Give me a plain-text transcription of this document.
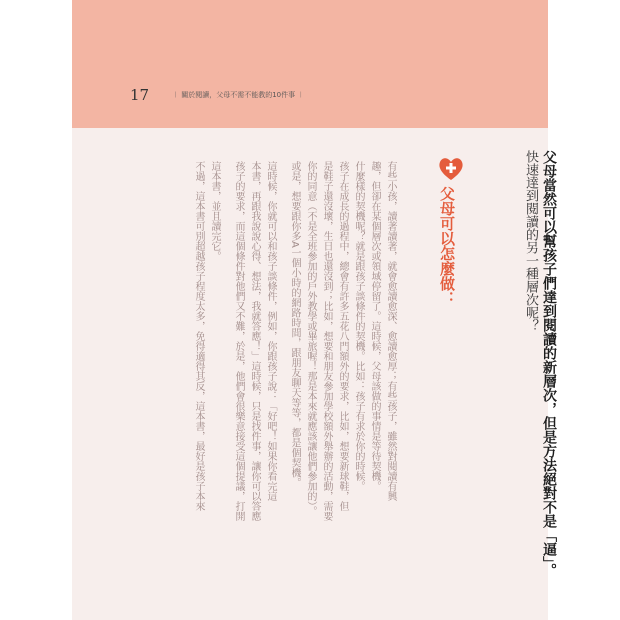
17	︱ 關於閱讀，父母不需不能教的10件事 ︱
快速達到閱讀的另一種層次呢？ 父母當然可以幫孩子們達到閱讀的新層次，但是方法絕對不是「逼」。
父母可以怎麼做：
有些小孩，讀著讀著，就會愈讀愈深、愈讀愈厚；有些孩子，雖然對閱讀有興
趣，但卻在某個層次或領域停留了。這時候，父母該做的事情是等待契機。
什麼樣的契機呢？就是跟孩子談條件的契機。比如：孩子有求於你的時候。
孩子在成長的過程中，總會有許多五花八門額外的要求，比如，想要新球鞋，但
是鞋子還沒壞，生日也還沒到；比如，想要和朋友參加學校額外舉辦的活動，需要
你的同意（不是全班參加的戶外教學或畢旅喔！那是本來就應該讓他們參加的）。
或是，想要跟你多A一個小時的網路時間，跟朋友聊天等等，都是個契機。
這時候，你就可以和孩子談條件，例如，你跟孩子說：「好吧！如果你看完這
本書，再跟我說說心得、想法，我就答應！」這時候，只是找件事，讓你可以答應
孩子的要求，而這個條件對他們又不難，於是，他們會很樂意接受這個提議，打開
這本書，並且讀完它。
不過，這本書可別超越孩子程度太多，免得適得其反，這本書，最好是孩子本來
